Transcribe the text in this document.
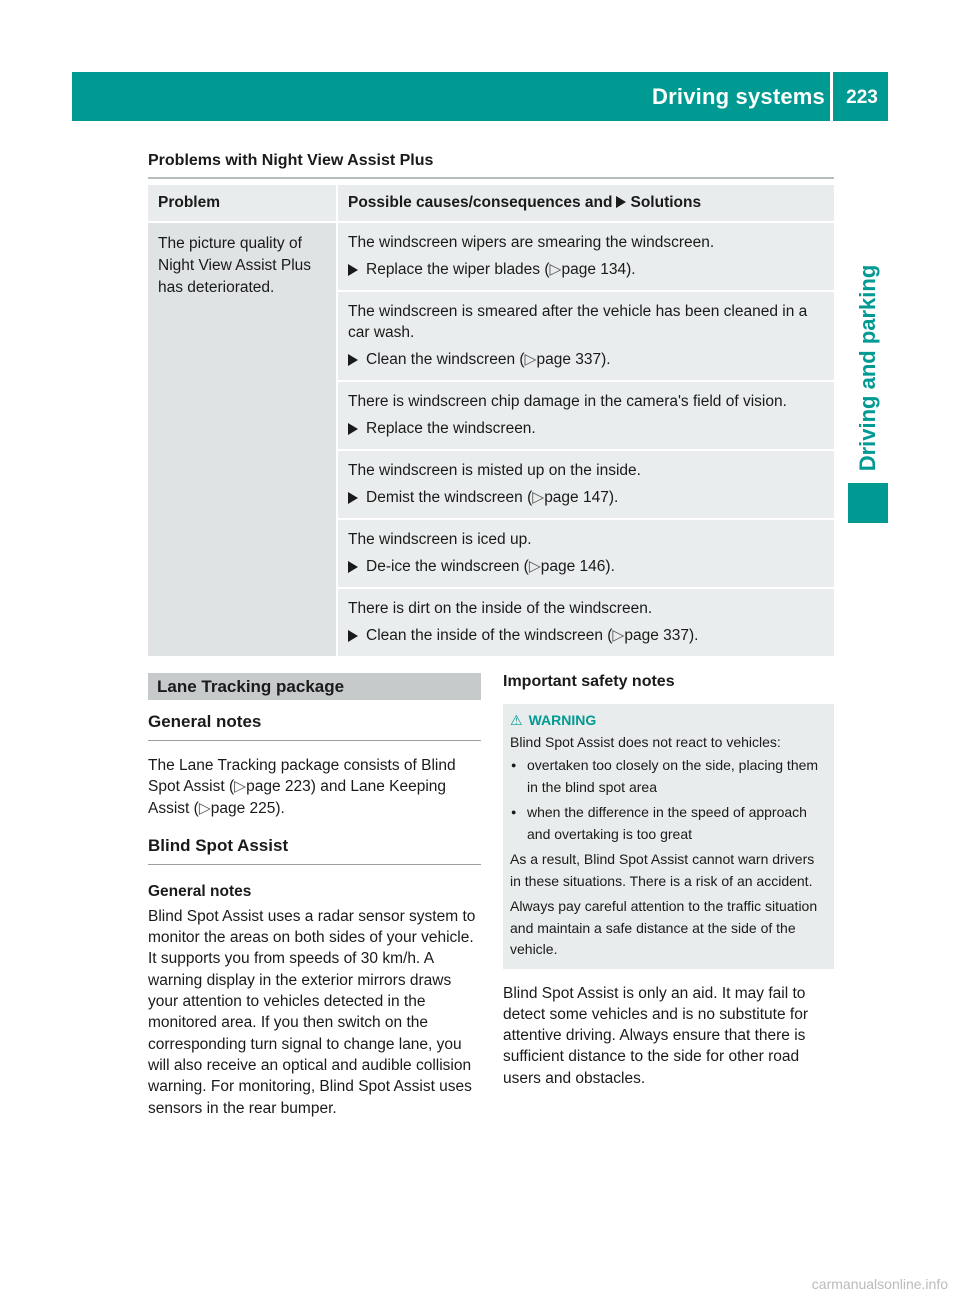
Driving systems	223
Driving and parking
Problems with Night View Assist Plus
Problem	Possible causes/consequences and Solutions
The picture quality of Night View Assist Plus has deteriorated.	The windscreen wipers are smearing the windscreen.

Replace the wiper blades (▷page 134).

	The windscreen is smeared after the vehicle has been cleaned in a car wash.

Clean the windscreen (▷page 337).

	There is windscreen chip damage in the camera's field of vision.

Replace the windscreen.

	The windscreen is misted up on the inside.

Demist the windscreen (▷page 147).

	The windscreen is iced up.

De-ice the windscreen (▷page 146).

	There is dirt on the inside of the windscreen.

Clean the inside of the windscreen (▷page 337).

Lane Tracking package
General notes

The Lane Tracking package consists of Blind Spot Assist (▷page 223) and Lane Keeping Assist (▷page 225).

Blind Spot Assist
General notes

Blind Spot Assist uses a radar sensor system to monitor the areas on both sides of your vehicle. It supports you from speeds of 30 km/h. A warning display in the exterior mirrors draws your attention to vehicles detected in the monitored area. If you then switch on the corresponding turn signal to change lane, you will also receive an optical and audible collision warning. For monitoring, Blind Spot Assist uses sensors in the rear bumper.

Important safety notes
⚠ WARNING
Blind Spot Assist does not react to vehicles:
● overtaken too closely on the side, placing them in the blind spot area
● when the difference in the speed of approach and overtaking is too great
As a result, Blind Spot Assist cannot warn drivers in these situations. There is a risk of an accident.
Always pay careful attention to the traffic situation and maintain a safe distance at the side of the vehicle.

Blind Spot Assist is only an aid. It may fail to detect some vehicles and is no substitute for attentive driving. Always ensure that there is sufficient distance to the side for other road users and obstacles.

carmanualsonline.info
